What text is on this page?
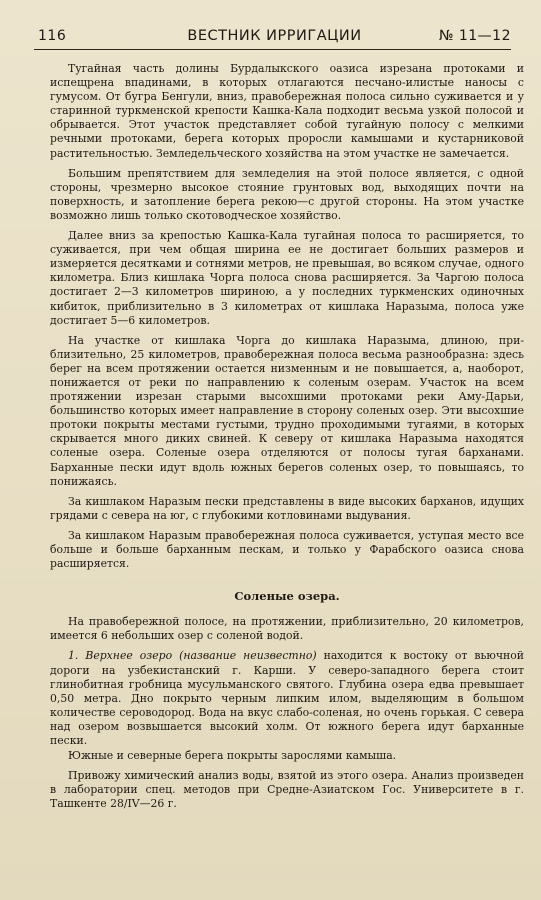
116	ВЕСТНИК ИРРИГАЦИИ	№ 11—12

Тугайная часть долины Бурдалыкского оазиса изрезана протоками и испещрена впадинами, в которых отлагаются песчано-илистые наносы с гумусом. От бугра Бенгули, вниз, правобережная полоса сильно суживается и у старинной туркменской крепости Кашка-Кала подходит весьма узкой полосой и обрывается. Этот участок представляет собой тугайную полосу с мелкими речными протоками, берега которых проросли камышами и кустарниковой растительностью. Земледельческого хозяйства на этом участке не замечается.

Большим препятствием для земледелия на этой полосе является, с одной стороны, чрезмерно высокое стояние грунтовых вод, выходящих почти на поверхность, и затопление берега рекою—с другой стороны. На этом участке возможно лишь только скотоводческое хозяйство.

Далее вниз за крепостью Кашка-Кала тугайная полоса то расширяется, то суживается, при чем общая ширина ее не достигает больших размеров и измеряется десятками и сотнями метров, не превышая, во всяком случае, одного километра. Близ кишлака Чорга полоса снова расширяется. За Чаргою полоса достигает 2—3 километров шириною, а у последних туркменских одиночных кибиток, приблизительно в 3 километрах от кишлака Наразыма, полоса уже достигает 5—6 километров.

На участке от кишлака Чорга до кишлака Наразыма, длиною, приблизительно, 25 километров, правобережная полоса весьма разнообразна: здесь берег на всем протяжении остается низменным и не повышается, а, наоборот, понижается от реки по направлению к соленым озерам. Участок на всем протяжении изрезан старыми высохшими протоками реки Аму-Дарьи, большинство которых имеет направление в сторону соленых озер. Эти высохшие протоки покрыты местами густыми, трудно проходимыми тугаями, в которых скрывается много диких свиней. К северу от кишлака Наразыма находятся соленые озера. Соленые озера отделяются от полосы тугая барханами. Барханные пески идут вдоль южных берегов соленых озер, то повышаясь, то понижаясь.

За кишлаком Наразым пески представлены в виде высоких барханов, идущих грядами с севера на юг, с глубокими котловинами выдувания.

За кишлаком Наразым правобережная полоса суживается, уступая место все больше и больше барханным пескам, и только у Фарабского оазиса снова расширяется.

Соленые озера.

На правобережной полосе, на протяжении, приблизительно, 20 километров, имеется 6 небольших озер с соленой водой.

1. Верхнее озеро (название неизвестно) находится к востоку от вьючной дороги на узбекистанский г. Карши. У северо-западного берега стоит глинобитная гробница мусульманского святого. Глубина озера едва превышает 0,50 метра. Дно покрыто черным липким илом, выделяющим в большом количестве сероводород. Вода на вкус слабо-соленая, но очень горькая. С севера над озером возвышается высокий холм. От южного берега идут барханные пески.

Южные и северные берега покрыты зарослями камыша.

Привожу химический анализ воды, взятой из этого озера. Анализ произведен в лаборатории спец. методов при Средне-Азиатском Гос. Университете в г. Ташкенте 28/IV—26 г.
